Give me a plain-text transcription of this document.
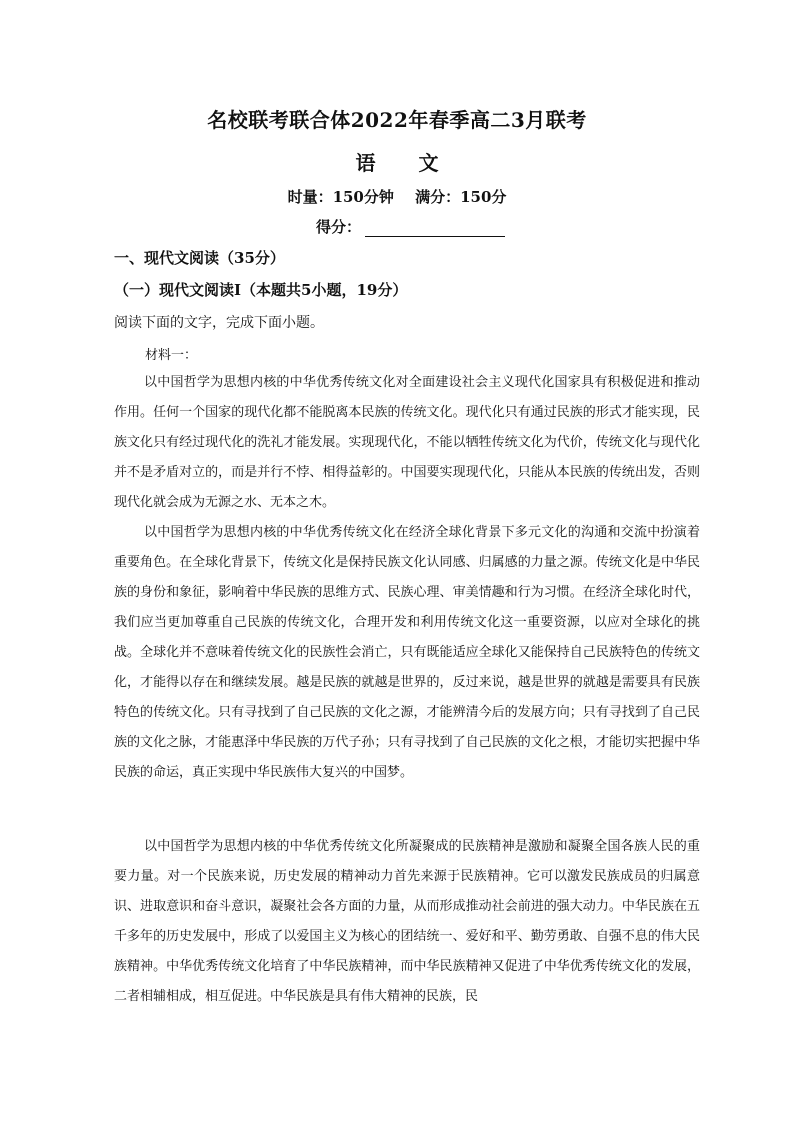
名校联考联合体2022年春季高二3月联考
语 文
时量：150分钟 满分：150分
得分：
一、现代文阅读（35分）
（一）现代文阅读Ⅰ（本题共5小题，19分）
阅读下面的文字，完成下面小题。
材料一：

以中国哲学为思想内核的中华优秀传统文化对全面建设社会主义现代化国家具有积极促进和推动作用。任何一个国家的现代化都不能脱离本民族的传统文化。现代化只有通过民族的形式才能实现，民族文化只有经过现代化的洗礼才能发展。实现现代化，不能以牺牲传统文化为代价，传统文化与现代化并不是矛盾对立的，而是并行不悖、相得益彰的。中国要实现现代化，只能从本民族的传统出发，否则现代化就会成为无源之水、无本之木。

以中国哲学为思想内核的中华优秀传统文化在经济全球化背景下多元文化的沟通和交流中扮演着重要角色。在全球化背景下，传统文化是保持民族文化认同感、归属感的力量之源。传统文化是中华民族的身份和象征，影响着中华民族的思维方式、民族心理、审美情趣和行为习惯。在经济全球化时代，我们应当更加尊重自己民族的传统文化，合理开发和利用传统文化这一重要资源，以应对全球化的挑战。全球化并不意味着传统文化的民族性会消亡，只有既能适应全球化又能保持自己民族特色的传统文化，才能得以存在和继续发展。越是民族的就越是世界的，反过来说，越是世界的就越是需要具有民族特色的传统文化。只有寻找到了自己民族的文化之源，才能辨清今后的发展方向；只有寻找到了自己民族的文化之脉，才能惠泽中华民族的万代子孙；只有寻找到了自己民族的文化之根，才能切实把握中华民族的命运，真正实现中华民族伟大复兴的中国梦。

以中国哲学为思想内核的中华优秀传统文化所凝聚成的民族精神是激励和凝聚全国各族人民的重要力量。对一个民族来说，历史发展的精神动力首先来源于民族精神。它可以激发民族成员的归属意识、进取意识和奋斗意识，凝聚社会各方面的力量，从而形成推动社会前进的强大动力。中华民族在五千多年的历史发展中，形成了以爱国主义为核心的团结统一、爱好和平、勤劳勇敢、自强不息的伟大民族精神。中华优秀传统文化培育了中华民族精神，而中华民族精神又促进了中华优秀传统文化的发展，二者相辅相成，相互促进。中华民族是具有伟大精神的民族，民
